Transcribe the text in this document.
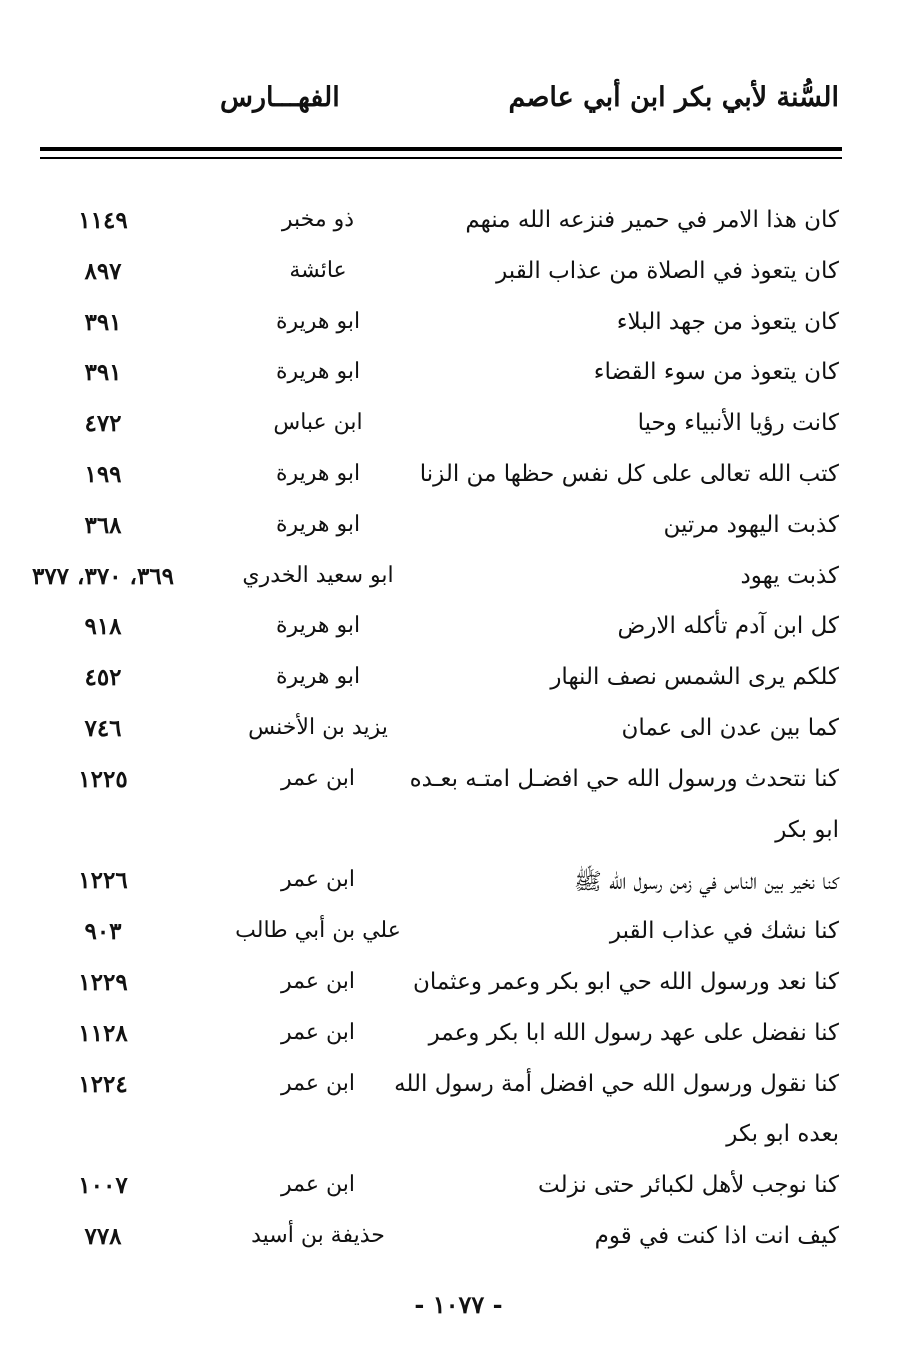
السُّنة لأبي بكر ابن أبي عاصم
الفهـــارس
كان هذا الامر في حمير فنزعه الله منهم
ذو مخبر
١١٤٩
كان يتعوذ في الصلاة من عذاب القبر
عائشة
٨٩٧
كان يتعوذ من جهد البلاء
ابو هريرة
٣٩١
كان يتعوذ من سوء القضاء
ابو هريرة
٣٩١
كانت رؤيا الأنبياء وحيا
ابن عباس
٤٧٢
كتب الله تعالى على كل نفس حظها من الزنا
ابو هريرة
١٩٩
كذبت اليهود مرتين
ابو هريرة
٣٦٨
كذبت يهود
ابو سعيد الخدري
٣٦٩، ٣٧٠، ٣٧٧
كل ابن آدم تأكله الارض
ابو هريرة
٩١٨
كلكم يرى الشمس نصف النهار
ابو هريرة
٤٥٢
كما بين عدن الى عمان
يزيد بن الأخنس
٧٤٦
كنا نتحدث ورسول الله حي افضـل امتـه بعـده
ابن عمر
١٢٢٥
ابو بكر
كنا نخير بين الناس في زمن رسول الله ﷺ
ابن عمر
١٢٢٦
كنا نشك في عذاب القبر
علي بن أبي طالب
٩٠٣
كنا نعد ورسول الله حي ابو بكر وعمر وعثمان
ابن عمر
١٢٢٩
كنا نفضل على عهد رسول الله ابا بكر وعمر
ابن عمر
١١٢٨
كنا نقول ورسول الله حي افضل أمة رسول الله
ابن عمر
١٢٢٤
بعده ابو بكر
كنا نوجب لأهل لكبائر حتى نزلت
ابن عمر
١٠٠٧
كيف انت اذا كنت في قوم
حذيفة بن أسيد
٧٧٨
- ١٠٧٧ -
